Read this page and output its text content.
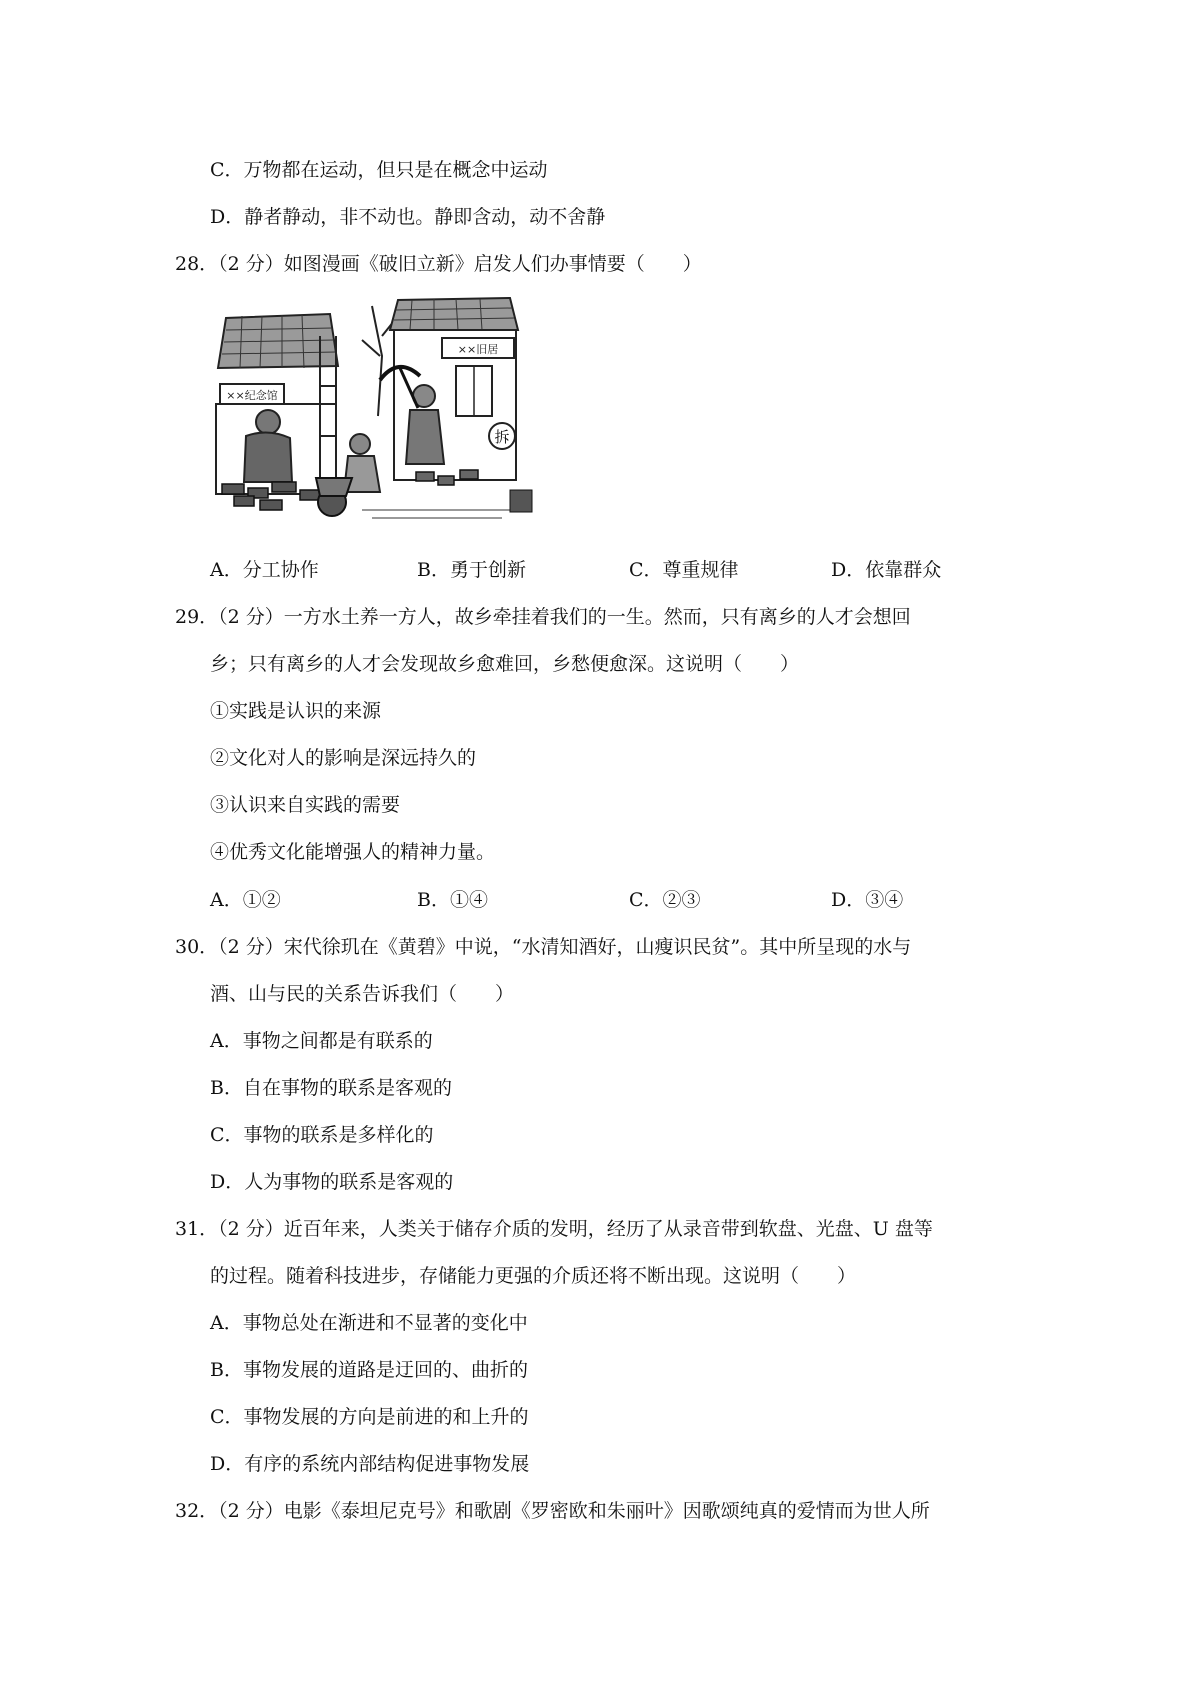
C．万物都在运动，但只是在概念中运动
D．静者静动，非不动也。静即含动，动不舍静
28．（2 分）如图漫画《破旧立新》启发人们办事情要（　　）
××纪念馆
××旧居
拆
A．分工协作	B．勇于创新	C．尊重规律	D．依靠群众
29．（2 分）一方水土养一方人，故乡牵挂着我们的一生。然而，只有离乡的人才会想回
乡；只有离乡的人才会发现故乡愈难回，乡愁便愈深。这说明（　　）
①实践是认识的来源
②文化对人的影响是深远持久的
③认识来自实践的需要
④优秀文化能增强人的精神力量。
A．①②	B．①④	C．②③	D．③④
30．（2 分）宋代徐玑在《黄碧》中说，“水清知酒好，山瘦识民贫”。其中所呈现的水与
酒、山与民的关系告诉我们（　　）
A．事物之间都是有联系的
B．自在事物的联系是客观的
C．事物的联系是多样化的
D．人为事物的联系是客观的
31．（2 分）近百年来，人类关于储存介质的发明，经历了从录音带到软盘、光盘、U 盘等
的过程。随着科技进步，存储能力更强的介质还将不断出现。这说明（　　）
A．事物总处在渐进和不显著的变化中
B．事物发展的道路是迂回的、曲折的
C．事物发展的方向是前进的和上升的
D．有序的系统内部结构促进事物发展
32．（2 分）电影《泰坦尼克号》和歌剧《罗密欧和朱丽叶》因歌颂纯真的爱情而为世人所
